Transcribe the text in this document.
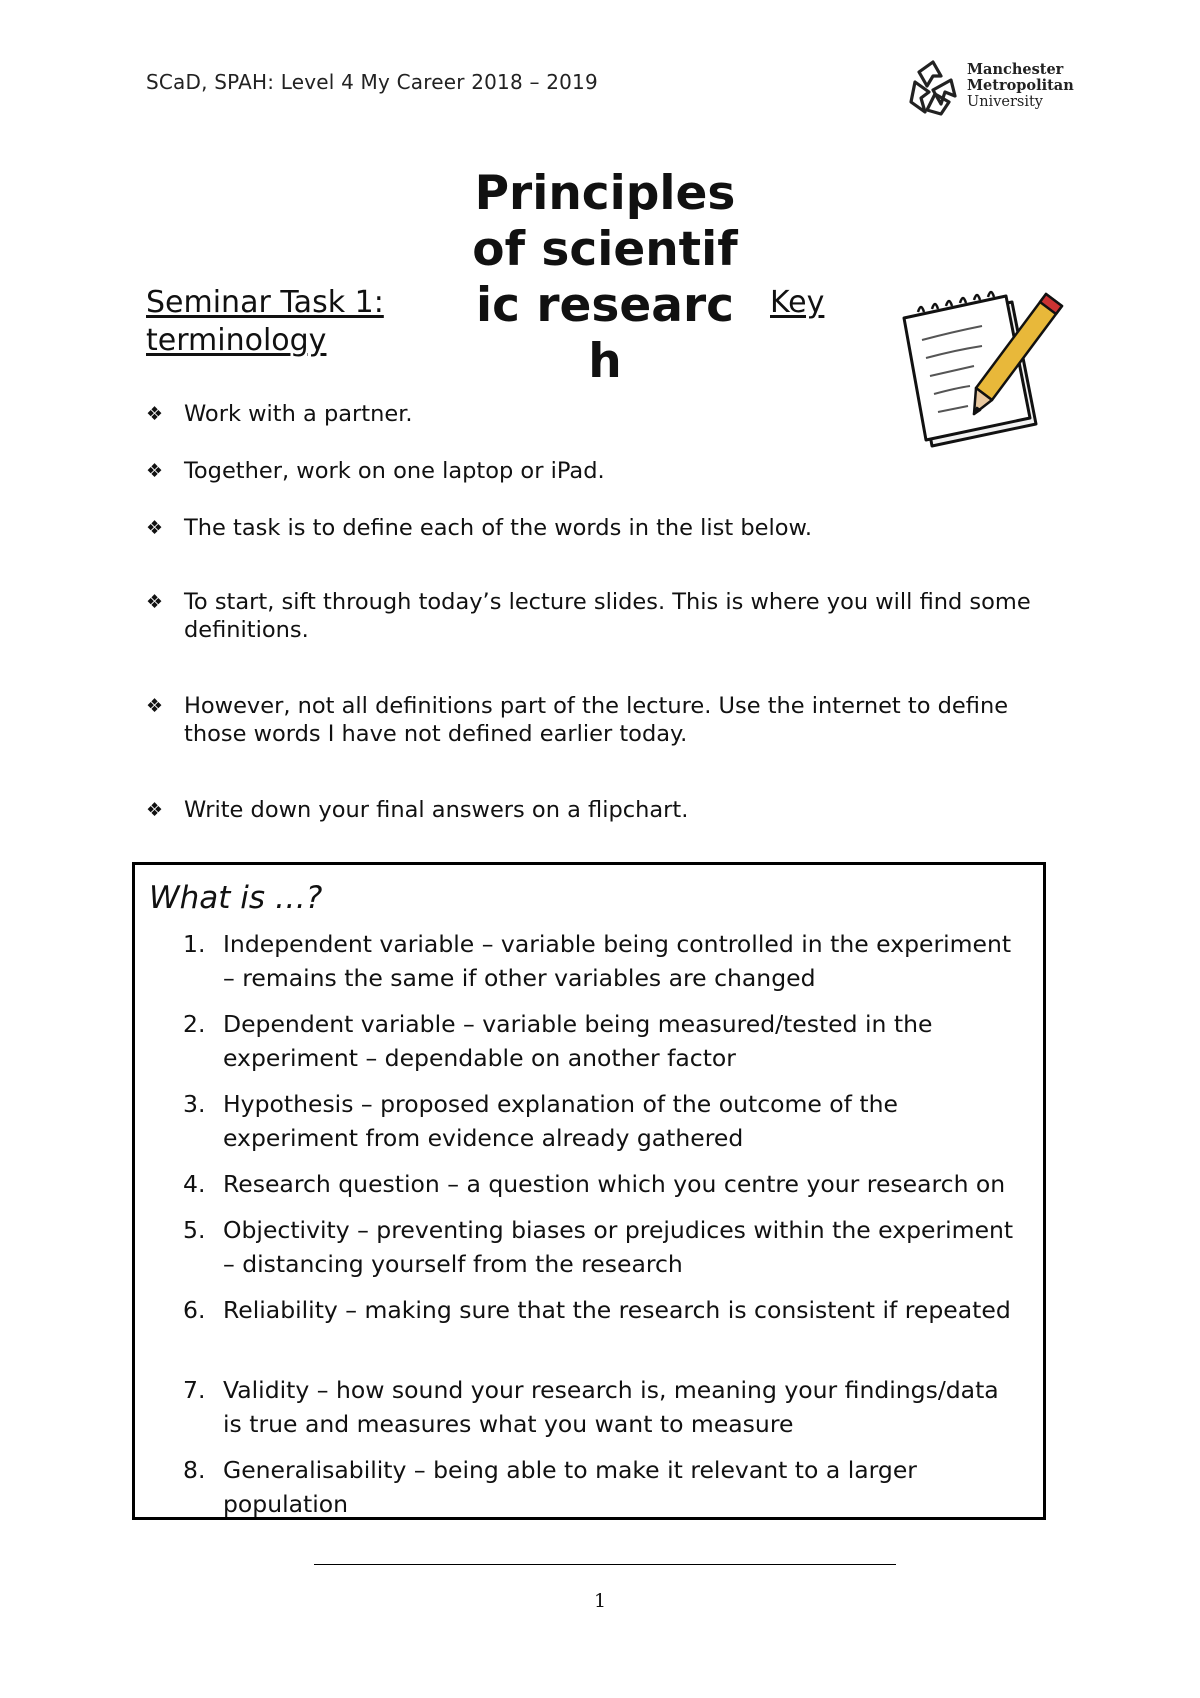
SCaD, SPAH: Level 4 My Career 2018 – 2019
Manchester
Metropolitan
University
Seminar Task 1:
terminology
Principles of scientific research
Key
❖ Work with a partner.
❖ Together, work on one laptop or iPad.
❖ The task is to define each of the words in the list below.
❖ To start, sift through today’s lecture slides. This is where you will find some definitions.
❖ However, not all definitions part of the lecture. Use the internet to define those words I have not defined earlier today.
❖ Write down your final answers on a flipchart.
What is …?
1. Independent variable – variable being controlled in the experiment – remains the same if other variables are changed
2. Dependent variable – variable being measured/tested in the experiment – dependable on another factor
3. Hypothesis – proposed explanation of the outcome of the experiment from evidence already gathered
4. Research question – a question which you centre your research on
5. Objectivity – preventing biases or prejudices within the experiment – distancing yourself from the research
6. Reliability – making sure that the research is consistent if repeated
7. Validity – how sound your research is, meaning your findings/data is true and measures what you want to measure
8. Generalisability – being able to make it relevant to a larger population
1
